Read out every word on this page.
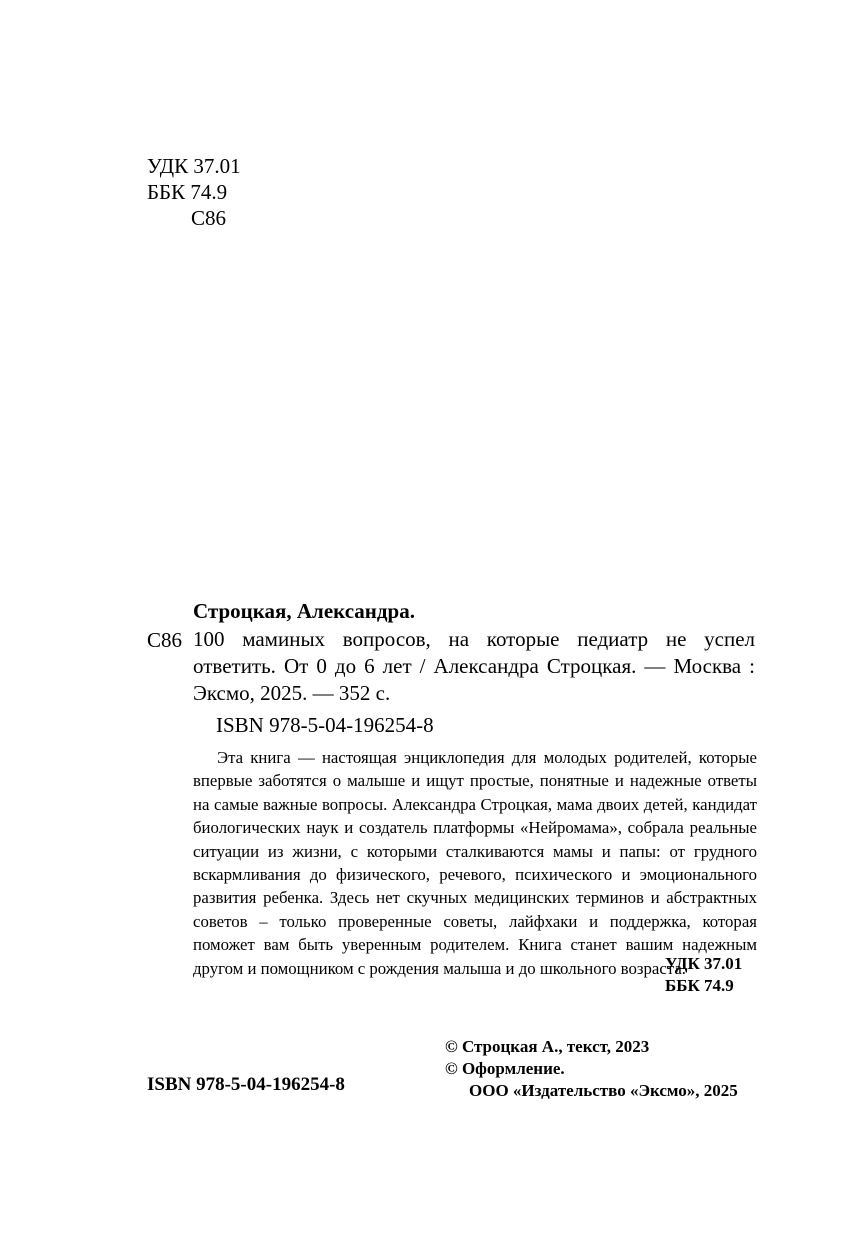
УДК 37.01
ББК 74.9
С86
Строцкая, Александра.
С86 100 маминых вопросов, на которые педиатр не успел ответить. От 0 до 6 лет / Александра Строцкая. — Москва : Эксмо, 2025. — 352 с.
ISBN 978-5-04-196254-8
Эта книга — настоящая энциклопедия для молодых родителей, которые впервые заботятся о малыше и ищут простые, понятные и надежные ответы на самые важные вопросы. Александра Строцкая, мама двоих детей, кандидат биологических наук и создатель платформы «Нейромама», собрала реальные ситуации из жизни, с которыми сталкиваются мамы и папы: от грудного вскармливания до физического, речевого, психического и эмоционального развития ребенка. Здесь нет скучных медицинских терминов и абстрактных советов – только проверенные советы, лайфхаки и поддержка, которая поможет вам быть уверенным родителем. Книга станет вашим надежным другом и помощником с рождения малыша и до школьного возраста.
УДК 37.01
ББК 74.9
© Строцкая А., текст, 2023
© Оформление.
ООО «Издательство «Эксмо», 2025
ISBN 978-5-04-196254-8
